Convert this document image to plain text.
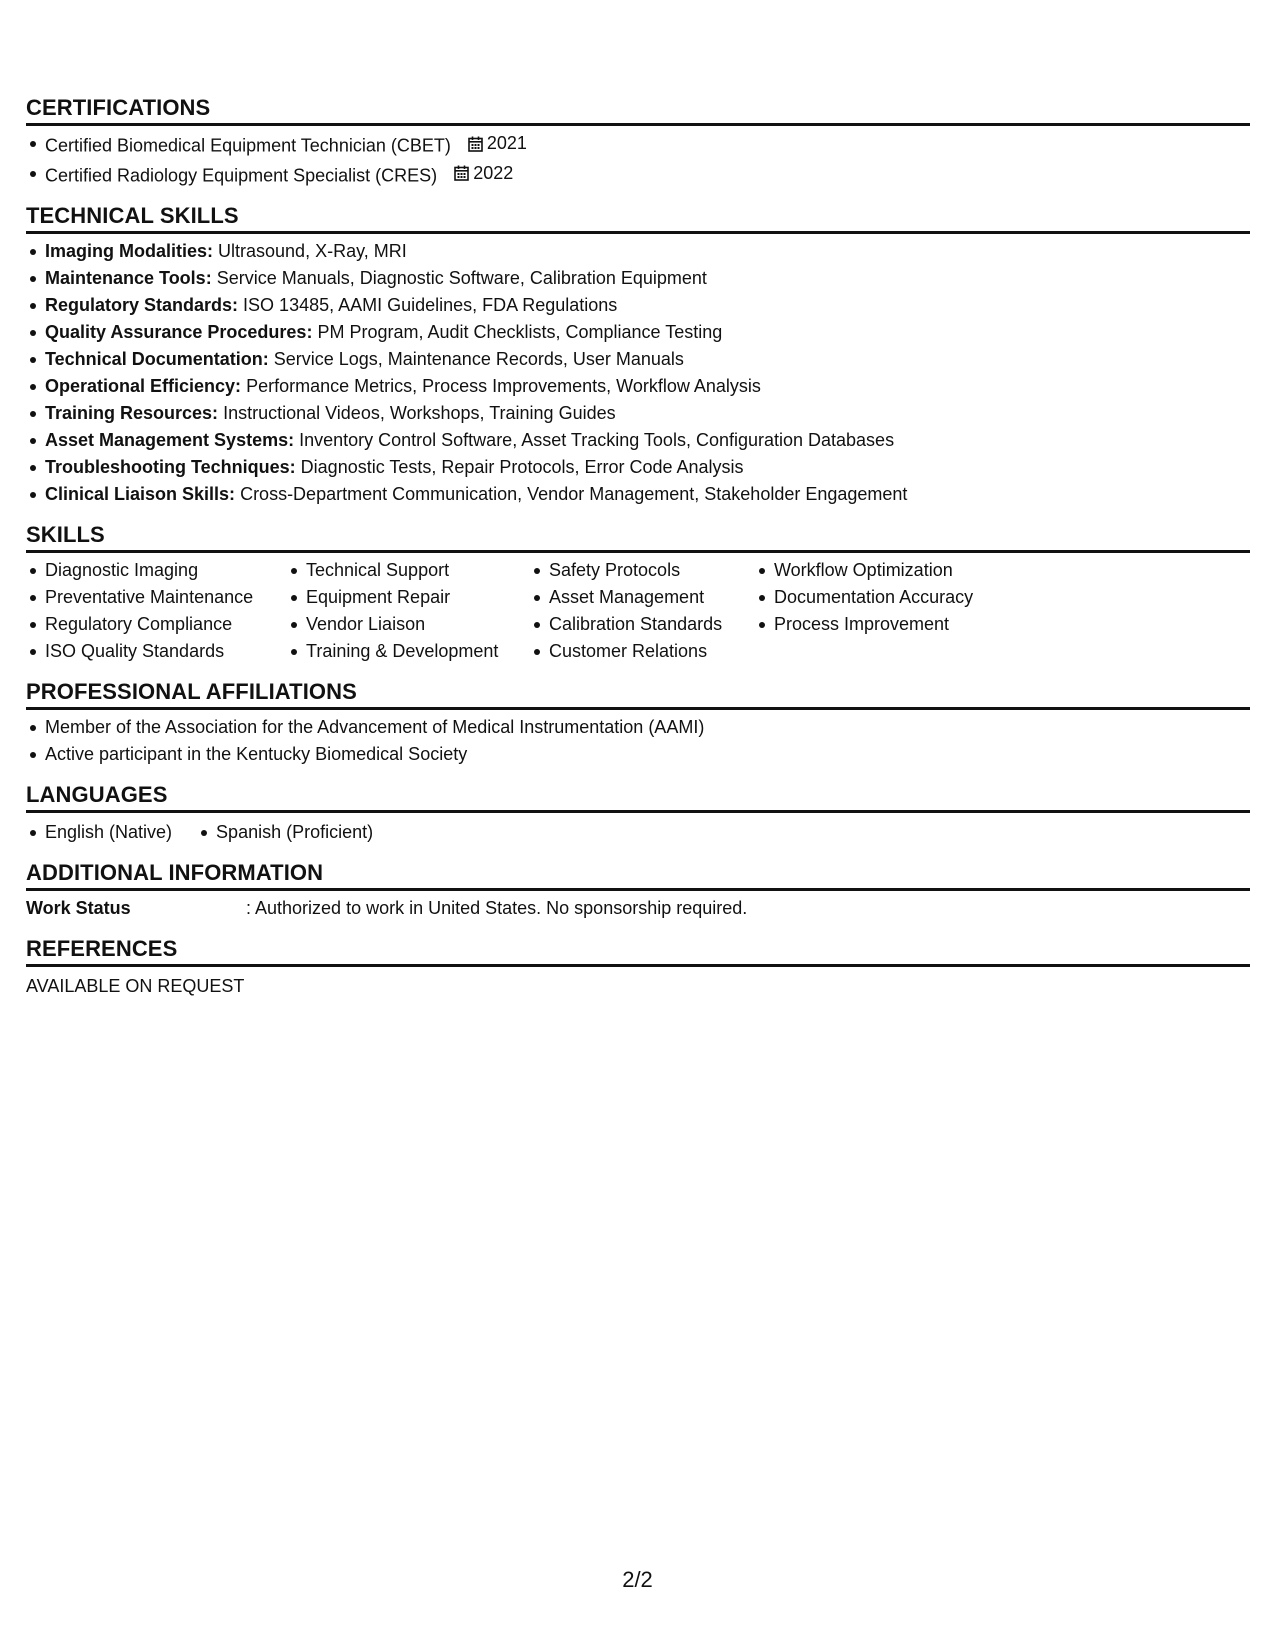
CERTIFICATIONS
Certified Biomedical Equipment Technician (CBET) 2021
Certified Radiology Equipment Specialist (CRES) 2022
TECHNICAL SKILLS
Imaging Modalities: Ultrasound, X-Ray, MRI
Maintenance Tools: Service Manuals, Diagnostic Software, Calibration Equipment
Regulatory Standards: ISO 13485, AAMI Guidelines, FDA Regulations
Quality Assurance Procedures: PM Program, Audit Checklists, Compliance Testing
Technical Documentation: Service Logs, Maintenance Records, User Manuals
Operational Efficiency: Performance Metrics, Process Improvements, Workflow Analysis
Training Resources: Instructional Videos, Workshops, Training Guides
Asset Management Systems: Inventory Control Software, Asset Tracking Tools, Configuration Databases
Troubleshooting Techniques: Diagnostic Tests, Repair Protocols, Error Code Analysis
Clinical Liaison Skills: Cross-Department Communication, Vendor Management, Stakeholder Engagement
SKILLS
Diagnostic Imaging
Preventative Maintenance
Regulatory Compliance
ISO Quality Standards
Technical Support
Equipment Repair
Vendor Liaison
Training & Development
Safety Protocols
Asset Management
Calibration Standards
Customer Relations
Workflow Optimization
Documentation Accuracy
Process Improvement
PROFESSIONAL AFFILIATIONS
Member of the Association for the Advancement of Medical Instrumentation (AAMI)
Active participant in the Kentucky Biomedical Society
LANGUAGES
English (Native)	Spanish (Proficient)
ADDITIONAL INFORMATION
Work Status	: Authorized to work in United States. No sponsorship required.
REFERENCES
AVAILABLE ON REQUEST
2/2
